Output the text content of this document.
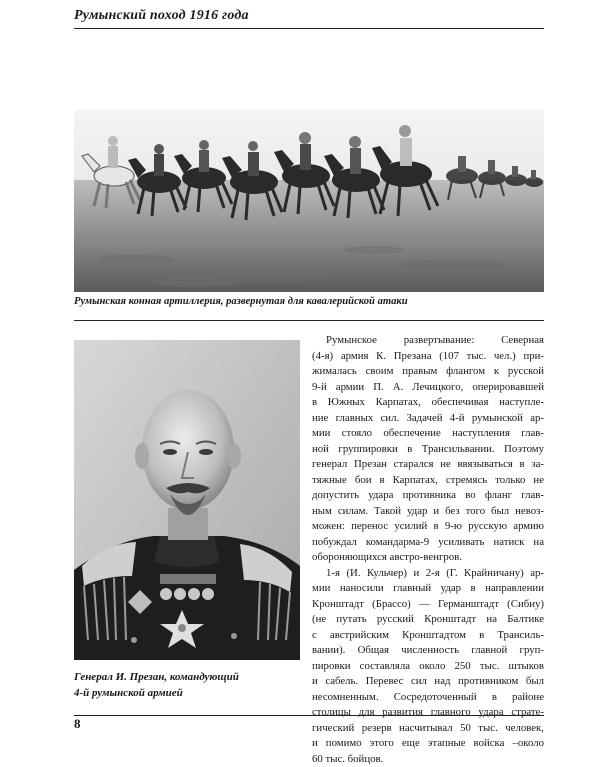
Румынский поход 1916 года
Румынская конная артиллерия, развернутая для кавалерийской атаки
Генерал И. Презан, командующий
4-й румынской армией
Румынское развертывание: Северная
(4-я) армия К. Презана (107 тыс. чел.) при-
жималась своим правым флангом к русской
9-й армии П. А. Лечицкого, оперировавшей
в Южных Карпатах, обеспечивая наступле-
ние главных сил. Задачей 4-й румынской ар-
мии стояло обеспечение наступления глав-
ной группировки в Трансильвании. Поэтому
генерал Презан старался не ввязываться в за-
тяжные бои в Карпатах, стремясь только не
допустить удара противника во фланг глав-
ным силам. Такой удар и без того был невоз-
можен: перенос усилий в 9-ю русскую армию
побуждал командарма-9 усиливать натиск на
обороняющихся австро-венгров.
1-я (И. Кульчер) и 2-я (Г. Крайничану) ар-
мии наносили главный удар в направлении
Кронштадт (Брассо) — Германштадт (Сибиу)
(не путать русский Кронштадт на Балтике
с австрийским Кронштадтом в Трансиль-
вании). Общая численность главной груп-
пировки составляла около 250 тыс. штыков
и сабель. Перевес сил над противником был
несомненным. Сосредоточенный в районе
столицы для развития главного удара страте-
гический резерв насчитывал 50 тыс. человек,
и помимо этого еще этапные войска –около
60 тыс. бойцов.
8
